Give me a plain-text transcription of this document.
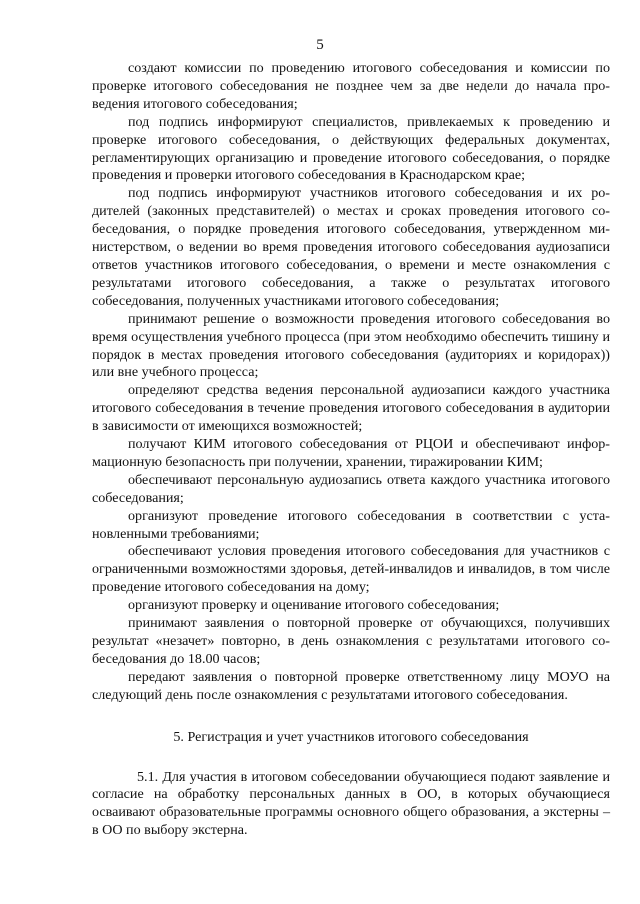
5

создают комиссии по проведению итогового собеседования и комиссии по проверке итогового собеседования не позднее чем за две недели до начала проведения итогового собеседования;

под подпись информируют специалистов, привлекаемых к проведению и проверке итогового собеседования, о действующих федеральных документах, регламентирующих организацию и проведение итогового собеседования, о порядке проведения и проверки итогового собеседования в Краснодарском крае;

под подпись информируют участников итогового собеседования и их родителей (законных представителей) о местах и сроках проведения итогового собеседования, о порядке проведения итогового собеседования, утвержденном министерством, о ведении во время проведения итогового собеседования аудиозаписи ответов участников итогового собеседования, о времени и месте ознакомления с результатами итогового собеседования, а также о результатах итогового собеседования, полученных участниками итогового собеседования;

принимают решение о возможности проведения итогового собеседования во время осуществления учебного процесса (при этом необходимо обеспечить тишину и порядок в местах проведения итогового собеседования (аудиториях и коридорах)) или вне учебного процесса;

определяют средства ведения персональной аудиозаписи каждого участника итогового собеседования в течение проведения итогового собеседования в аудитории в зависимости от имеющихся возможностей;

получают КИМ итогового собеседования от РЦОИ и обеспечивают информационную безопасность при получении, хранении, тиражировании КИМ;

обеспечивают персональную аудиозапись ответа каждого участника итогового собеседования;

организуют проведение итогового собеседования в соответствии с установленными требованиями;

обеспечивают условия проведения итогового собеседования для участников с ограниченными возможностями здоровья, детей-инвалидов и инвалидов, в том числе проведение итогового собеседования на дому;

организуют проверку и оценивание итогового собеседования;

принимают заявления о повторной проверке от обучающихся, получивших результат «незачет» повторно, в день ознакомления с результатами итогового собеседования до 18.00 часов;

передают заявления о повторной проверке ответственному лицу МОУО на следующий день после ознакомления с результатами итогового собеседования.

5. Регистрация и учет участников итогового собеседования

5.1. Для участия в итоговом собеседовании обучающиеся подают заявление и согласие на обработку персональных данных в ОО, в которых обучающиеся осваивают образовательные программы основного общего образования, а экстерны – в ОО по выбору экстерна.
